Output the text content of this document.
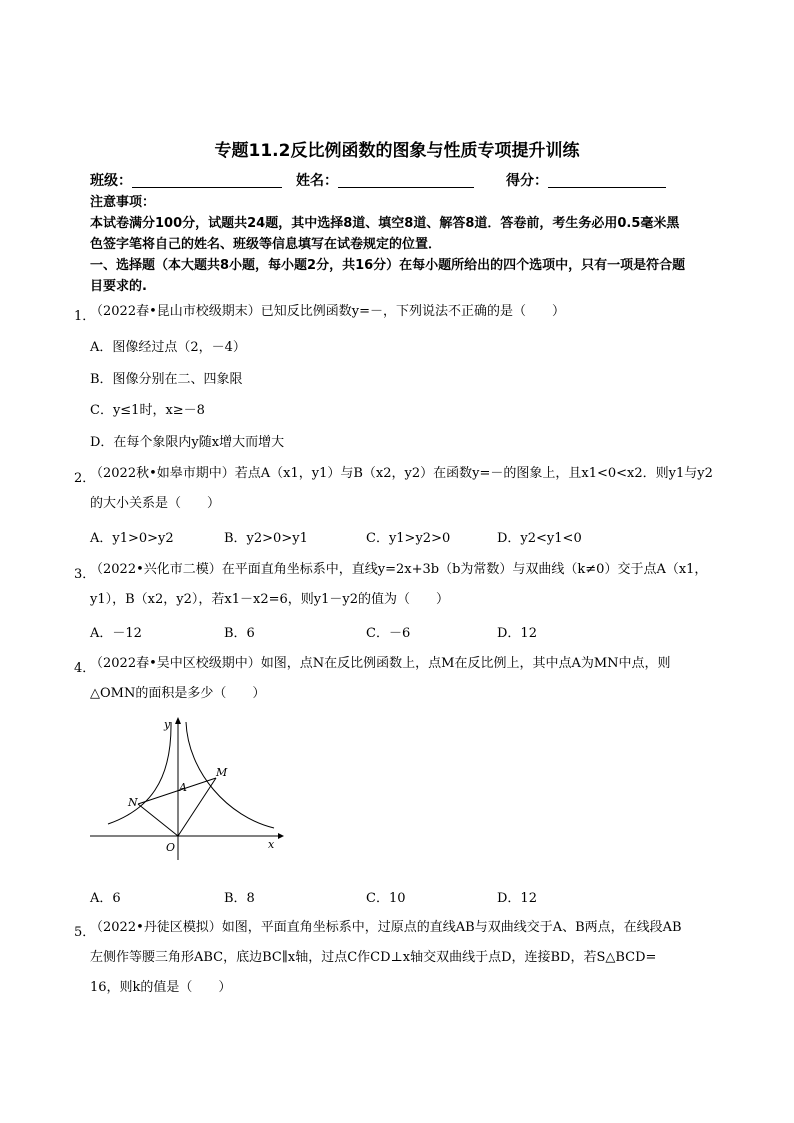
专题11.2反比例函数的图象与性质专项提升训练
班级：	姓名：	得分：
注意事项：
本试卷满分100分，试题共24题，其中选择8道、填空8道、解答8道．答卷前，考生务必用0.5毫米黑
色签字笔将自己的姓名、班级等信息填写在试卷规定的位置．
一、选择题（本大题共8小题，每小题2分，共16分）在每小题所给出的四个选项中，只有一项是符合题
目要求的.
（2022春•昆山市校级期末）已知反比例函数y=－，下列说法不正确的是（　　）
A．图像经过点（2，－4）
B．图像分别在二、四象限
C．y≤1时，x≥－8
D．在每个象限内y随x增大而增大
（2022秋•如皋市期中）若点A（x1，y1）与B（x2，y2）在函数y=－的图象上，且x1<0<x2．则y1与y2
的大小关系是（　　）
A．y1>0>y2	B．y2>0>y1	C．y1>y2>0	D．y2<y1<0
（2022•兴化市二模）在平面直角坐标系中，直线y=2x+3b（b为常数）与双曲线（k≠0）交于点A（x1，
y1），B（x2，y2），若x1－x2=6，则y1－y2的值为（　　）
A．－12	B．6	C．－6	D．12
（2022春•吴中区校级期中）如图，点N在反比例函数上，点M在反比例上，其中点A为MN中点，则
△OMN的面积是多少（　　）
y
x
O
A
M
N
A．6	B．8	C．10	D．12
（2022•丹徒区模拟）如图，平面直角坐标系中，过原点的直线AB与双曲线交于A、B两点，在线段AB
左侧作等腰三角形ABC，底边BC∥x轴，过点C作CD⊥x轴交双曲线于点D，连接BD，若S△BCD=
16，则k的值是（　　）
1．
2．
3．
4．
5．
